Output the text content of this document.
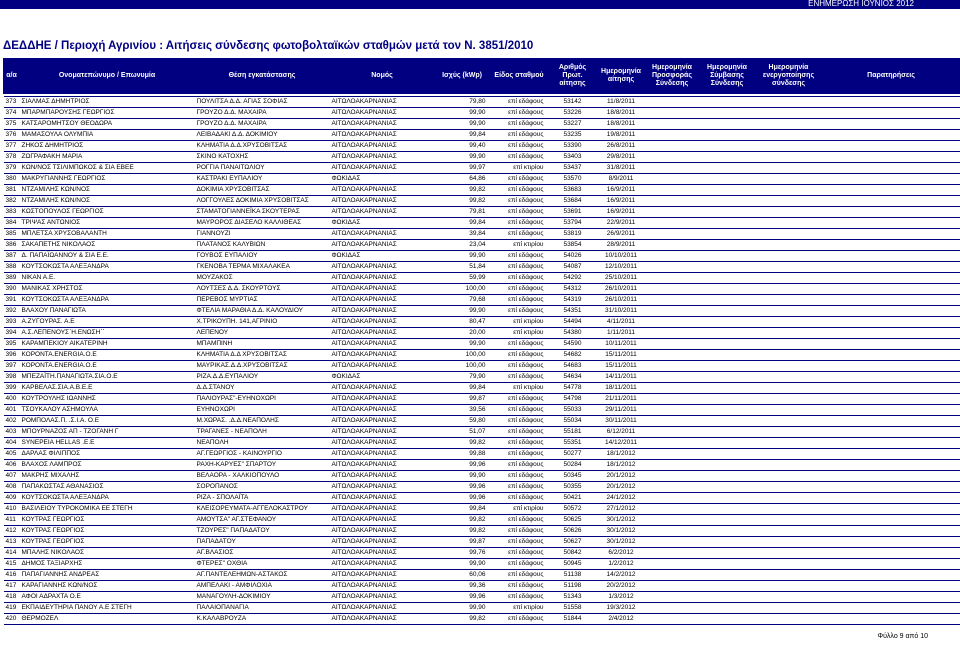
ΕΝΗΜΕΡΩΣΗ ΙΟΥΝΙΟΣ 2012
ΔΕΔΔΗΕ / Περιοχή Αγρινίου : Αιτήσεις σύνδεσης φωτοβολταϊκών σταθμών μετά τον Ν. 3851/2010
α/α	Ονοματεπώνυμο / Επωνυμία	Θέση εγκατάστασης	Νομός	Ισχύς (kWp)	Είδος σταθμού	Αριθμός Πρωτ. αίτησης	Ημερομηνία αίτησης	Ημερομηνία Προσφοράς Σύνδεσης	Ημερομηνία Σύμβασης Σύνδεσης	Ημερομηνία ενεργοποίησης σύνδεσης	Παρατηρήσεις

373	ΣΙΑΛΜΑΣ ΔΗΜΗΤΡΙΟΣ	ΠΟΥΛΙΤΣΑ Δ.Δ. ΑΓΙΑΣ ΣΟΦΙΑΣ	ΑΙΤΩΛΟΑΚΑΡΝΑΝΙΑΣ	79,80	επί εδάφους	53142	11/8/2011				
374	ΜΠΑΡΜΠΑΡΟΥΣΗΣ ΓΕΩΡΓΙΟΣ	ΓΡΟΥΖΟ Δ.Δ. ΜΑΧΑΙΡΑ	ΑΙΤΩΛΟΑΚΑΡΝΑΝΙΑΣ	99,90	επί εδάφους	53226	18/8/2011				
375	ΚΑΤΣΑΡΟΜΗΤΣΟΥ ΘΕΟΔΩΡΑ	ΓΡΟΥΖΟ Δ.Δ. ΜΑΧΑΙΡΑ	ΑΙΤΩΛΟΑΚΑΡΝΑΝΙΑΣ	99,90	επί εδάφους	53227	18/8/2011				
376	ΜΑΜΑΣΟΥΛΑ ΟΛΥΜΠΙΑ	ΛΕΙΒΑΔΑΚΙ Δ.Δ. ΔΟΚΙΜΙΟΥ	ΑΙΤΩΛΟΑΚΑΡΝΑΝΙΑΣ	99,84	επί εδάφους	53235	19/8/2011				
377	ΖΗΚΟΣ ΔΗΜΗΤΡΙΟΣ	ΚΛΗΜΑΤΙΑ Δ.Δ.ΧΡΥΣΟΒΙΤΣΑΣ	ΑΙΤΩΛΟΑΚΑΡΝΑΝΙΑΣ	99,40	επί εδάφους	53390	26/8/2011				
378	ΖΩΓΡΑΦΑΚΗ ΜΑΡΙΑ	ΣΚΙΝΟ ΚΑΤΟΧΗΣ	ΑΙΤΩΛΟΑΚΑΡΝΑΝΙΑΣ	99,90	επί εδάφους	53403	29/8/2011				
379	ΚΩΝ/ΝΟΣ ΤΣΙΛΙΜΠΩΚΟΣ & ΣΙΑ ΕΒΕΕ	ΡΟΓΓΙΑ ΠΑΝΑΙΤΩΛΙΟΥ	ΑΙΤΩΛΟΑΚΑΡΝΑΝΙΑΣ	99,97	επί κτιρίου	53437	31/8/2011				
380	ΜΑΚΡΥΓΙΑΝΝΗΣ ΓΕΩΡΓΙΟΣ	ΚΑΣΤΡΑΚΙ ΕΥΠΑΛΙΟΥ	ΦΩΚΙΔΑΣ	64,86	επί εδάφους	53570	8/9/2011				
381	ΝΤΖΑΜΙΛΗΣ ΚΩΝ/ΝΟΣ	ΔΟΚΙΜΙΑ ΧΡΥΣΟΒΙΤΣΑΣ	ΑΙΤΩΛΟΑΚΑΡΝΑΝΙΑΣ	99,82	επί εδάφους	53683	16/9/2011				
382	ΝΤΖΑΜΙΛΗΣ ΚΩΝ/ΝΟΣ	ΛΟΓΓΟΥΛΕΣ ΔΟΚΙΜΙΑ ΧΡΥΣΟΒΙΤΣΑΣ	ΑΙΤΩΛΟΑΚΑΡΝΑΝΙΑΣ	99,82	επί εδάφους	53684	16/9/2011				
383	ΚΩΣΤΟΠΟΥΛΟΣ ΓΕΩΡΓΙΟΣ	ΣΤΑΜΑΤΟΓΙΑΝΝΕΪΚΑ ΣΚΟΥΤΕΡΑΣ	ΑΙΤΩΛΟΑΚΑΡΝΑΝΙΑΣ	79,81	επί εδάφους	53691	16/9/2011				
384	ΤΡΙΨΑΣ ΑΝΤΩΝΙΟΣ	ΜΑΥΡΟΡΟΣ ΔΙΑΣΕΛΟ ΚΑΛΛΙΘΕΑΣ	ΦΩΚΙΔΑΣ	99,84	επί εδάφους	53794	22/9/2011				
385	ΜΠΛΕΤΣΑ ΧΡΥΣΟΒΑΛΑΝΤΗ	ΓΙΑΝΝΟΥΖΙ	ΑΙΤΩΛΟΑΚΑΡΝΑΝΙΑΣ	39,84	επί εδάφους	53819	26/9/2011				
386	ΣΑΚΑΠΕΤΗΣ ΝΙΚΟΛΑΟΣ	ΠΛΑΤΑΝΟΣ ΚΑΛΥΒΙΩΝ	ΑΙΤΩΛΟΑΚΑΡΝΑΝΙΑΣ	23,04	επί κτιρίου	53854	28/9/2011				
387	Δ. ΠΑΠΑΪΩΑΝΝΟΥ & ΣΙΑ Ε.Ε.	ΓΟΥΒΟΣ ΕΥΠΑΛΙΟΥ	ΦΩΚΙΔΑΣ	99,90	επί εδάφους	54026	10/10/2011				
388	ΚΟΥΤΣΟΚΩΣΤΑ ΑΛΕΞΑΝΔΡΑ	ΓΚΕΝΟΒΑ ΤΕΡΜΑ ΜΙΧΑΛΑΚΕΑ	ΑΙΤΩΛΟΑΚΑΡΝΑΝΙΑΣ	51,84	επί εδάφους	54087	12/10/2011				
389	ΝΙΚΑΝ Α.Ε.	ΜΟΥΖΑΚΟΣ	ΑΙΤΩΛΟΑΚΑΡΝΑΝΙΑΣ	59,99	επί εδάφους	54292	25/10/2011				
390	ΜΑΝΙΚΑΣ ΧΡΗΣΤΟΣ	ΛΟΥΤΣΕΣ Δ.Δ. ΣΚΟΥΡΤΟΥΣ	ΑΙΤΩΛΟΑΚΑΡΝΑΝΙΑΣ	100,00	επί εδάφους	54312	26/10/2011				
391	ΚΟΥΤΣΟΚΩΣΤΑ ΑΛΕΞΑΝΔΡΑ	ΠΕΡΕΒΟΣ ΜΥΡΤΙΑΣ	ΑΙΤΩΛΟΑΚΑΡΝΑΝΙΑΣ	79,68	επί εδάφους	54319	26/10/2011				
392	ΒΛΑΧΟΥ ΠΑΝΑΓΙΩΤΑ	ΦΤΕΛΙΑ ΜΑΡΑΘΙΑ Δ.Δ. ΚΑΛΟΥΔΙΟΥ	ΑΙΤΩΛΟΑΚΑΡΝΑΝΙΑΣ	99,90	επί εδάφους	54351	31/10/2011				
393	Α.ΖΥΓΟΥΡΑΣ. Α.Ε	Χ.ΤΡΙΚΟΥΠΗ. 141,ΑΓΡΙΝΙΟ	ΑΙΤΩΛΟΑΚΑΡΝΑΝΙΑΣ	80,47	επί κτιρίου	54494	4/11/2011				
394	Α.Σ.ΛΕΠΕΝΟΥΣ΄Η.ΕΝΩΣΗ΄΄	ΛΕΠΕΝΟΥ	ΑΙΤΩΛΟΑΚΑΡΝΑΝΙΑΣ	20,00	επί κτιρίου	54380	1/11/2011				
395	ΚΑΡΑΜΠΕΚΙΟΥ ΑΙΚΑΤΕΡΙΝΗ	ΜΠΑΜΠΙΝΗ	ΑΙΤΩΛΟΑΚΑΡΝΑΝΙΑΣ	99,90	επί εδάφους	54590	10/11/2011				
396	ΚΟΡΟΝΤΑ.ENERGIA.Ο.Ε	ΚΛΗΜΑΤΙΑ Δ.Δ ΧΡΥΣΟΒΙΤΣΑΣ	ΑΙΤΩΛΟΑΚΑΡΝΑΝΙΑΣ	100,00	επί εδάφους	54682	15/11/2011				
397	ΚΟΡΟΝΤΑ.ENERGIA.Ο.Ε	ΜΑΥΡΙΚΑΣ.Δ.Δ.ΧΡΥΣΟΒΙΤΣΑΣ	ΑΙΤΩΛΟΑΚΑΡΝΑΝΙΑΣ	100,00	επί εδάφους	54683	15/11/2011				
398	ΜΠΕΖΑΪΤΗ.ΠΑΝΑΓΙΩΤΑ.ΣΙΑ.Ο.Ε	ΡΙΖΑ.Δ.Δ.ΕΥΠΑΛΙΟΥ	ΦΩΚΙΔΑΣ	79,90	επί εδάφους	54634	14/11/2011				
399	ΚΑΡΒΕΛΑΣ.ΣΙΑ.Α.Β.Ε.Ε	Δ.Δ.ΣΤΑΝΟΥ	ΑΙΤΩΛΟΑΚΑΡΝΑΝΙΑΣ	99,84	επί κτιρίου	54778	18/11/2011				
400	ΚΟΥΤΡΟΥΛΗΣ ΙΩΑΝΝΗΣ	ΠΑΛΙΟΥΡΑΣ"-ΕΥΗΝΟΧΩΡΙ	ΑΙΤΩΛΟΑΚΑΡΝΑΝΙΑΣ	99,87	επί εδάφους	54798	21/11/2011				
401	ΤΣΟΥΚΑΛΟΥ ΑΣΗΜΟΥΛΑ	ΕΥΗΝΟΧΩΡΙ	ΑΙΤΩΛΟΑΚΑΡΝΑΝΙΑΣ	39,56	επί εδάφους	55033	29/11/2011				
402	ΡΟΜΠΟΛΑΣ.Π. .Σ.Ι.Α. Ο.Ε	Μ.ΧΩΡΑΣ. .Δ.Δ.ΝΕΑΠΟΛΗΣ	ΑΙΤΩΛΟΑΚΑΡΝΑΝΙΑΣ	59,80	επί εδάφους	55034	30/11/2011				
403	ΜΠΟΥΡΝΑΖΟΣ ΑΠ - ΤΖΟΓΑΝΗ Γ	ΤΡΑΓΑΝΕΣ - ΝΕΑΠΟΛΗ	ΑΙΤΩΛΟΑΚΑΡΝΑΝΙΑΣ	51,07	επί εδάφους	55181	6/12/2011				
404	SYNEPEIA HELLAS .Ε.Ε	ΝΕΑΠΟΛΗ	ΑΙΤΩΛΟΑΚΑΡΝΑΝΙΑΣ	99,82	επί εδάφους	55351	14/12/2011				
405	ΔΑΡΛΑΣ ΦΙΛΙΠΠΟΣ	ΑΓ.ΓΕΩΡΓΙΟΣ - ΚΑΙΝΟΥΡΓΙΟ	ΑΙΤΩΛΟΑΚΑΡΝΑΝΙΑΣ	99,88	επί εδάφους	50277	18/1/2012				
406	ΒΛΑΧΟΣ ΛΑΜΠΡΟΣ	ΡΑΧΗ-ΚΑΡΥΕΣ" ΣΠΑΡΤΟΥ	ΑΙΤΩΛΟΑΚΑΡΝΑΝΙΑΣ	99,96	επί εδάφους	50284	18/1/2012				
407	ΜΑΚΡΗΣ ΜΙΧΑΛΗΣ	ΒΕΛΑΟΡΑ - ΧΑΛΚΙΟΠΟΥΛΟ	ΑΙΤΩΛΟΑΚΑΡΝΑΝΙΑΣ	99,90	επί εδάφους	50345	20/1/2012				
408	ΠΑΠΑΚΩΣΤΑΣ ΑΘΑΝΑΣΙΟΣ	ΣΟΡΟΠΑΝΟΣ	ΑΙΤΩΛΟΑΚΑΡΝΑΝΙΑΣ	99,96	επί εδάφους	50355	20/1/2012				
409	ΚΟΥΤΣΟΚΩΣΤΑ ΑΛΕΞΑΝΔΡΑ	ΡΙΖΑ - ΣΠΟΛΑΪΤΑ	ΑΙΤΩΛΟΑΚΑΡΝΑΝΙΑΣ	99,96	επί εδάφους	50421	24/1/2012				
410	ΒΑΣΙΛΕΙΟΥ ΤΥΡΟΚΟΜΙΚΑ ΕΕ ΣΤΕΓΗ	ΚΛΕΙΣΟΡΕΥΜΑΤΑ-ΑΓΓΕΛΟΚΑΣΤΡΟΥ	ΑΙΤΩΛΟΑΚΑΡΝΑΝΙΑΣ	99,84	επί κτιρίου	50572	27/1/2012				
411	ΚΟΥΤΡΑΣ ΓΕΩΡΓΙΟΣ	ΑΜΟΥΤΣΑ" ΑΓ.ΣΤΕΦΑΝΟΥ	ΑΙΤΩΛΟΑΚΑΡΝΑΝΙΑΣ	99,82	επί εδάφους	50625	30/1/2012				
412	ΚΟΥΤΡΑΣ ΓΕΩΡΓΙΟΣ	ΤΖΟΥΡΕΣ" ΠΑΠΑΔΑΤΟΥ	ΑΙΤΩΛΟΑΚΑΡΝΑΝΙΑΣ	99,82	επί εδάφους	50626	30/1/2012				
413	ΚΟΥΤΡΑΣ ΓΕΩΡΓΙΟΣ	ΠΑΠΑΔΑΤΟΥ	ΑΙΤΩΛΟΑΚΑΡΝΑΝΙΑΣ	99,87	επί εδάφους	50627	30/1/2012				
414	ΜΠΑΛΗΣ ΝΙΚΟΛΑΟΣ	ΑΓ.ΒΛΑΣΙΟΣ	ΑΙΤΩΛΟΑΚΑΡΝΑΝΙΑΣ	99,76	επί εδάφους	50842	6/2/2012				
415	ΔΗΜΟΣ ΤΑΞΙΑΡΧΗΣ	ΦΤΕΡΕΣ" ΟΧΘΙΑ	ΑΙΤΩΛΟΑΚΑΡΝΑΝΙΑΣ	99,90	επί εδάφους	50945	1/2/2012				
416	ΠΑΠΑΓΙΑΝΝΗΣ ΑΝΔΡΕΑΣ	ΑΓ.ΠΑΝΤΕΛΕΗΜΩΝ-ΑΣΤΑΚΟΣ	ΑΙΤΩΛΟΑΚΑΡΝΑΝΙΑΣ	60,06	επί εδάφους	51138	14/2/2012				
417	ΚΑΡΑΓΙΑΝΝΗΣ ΚΩΝ/ΝΟΣ	ΑΜΠΕΛΑΚΙ - ΑΜΦΙΛΟΧΙΑ	ΑΙΤΩΛΟΑΚΑΡΝΑΝΙΑΣ	99,36	επί εδάφους	51198	20/2/2012				
418	ΑΦΟΙ ΑΔΡΑΧΤΑ Ο.Ε	ΜΑΝΑΓΟΥΛΗ-ΔΟΚΙΜΙΟΥ	ΑΙΤΩΛΟΑΚΑΡΝΑΝΙΑΣ	99,96	επί εδάφους	51343	1/3/2012				
419	ΕΚΠΑΙΔΕΥΤΗΡΙΑ ΠΑΝΟΥ Α.Ε ΣΤΕΓΗ	ΠΑΛΑΙΟΠΑΝΑΓΙΑ	ΑΙΤΩΛΟΑΚΑΡΝΑΝΙΑΣ	99,90	επί κτιρίου	51558	19/3/2012				
420	ΘΕΡΜΟΖΕΛ	Κ.ΚΑΛΑΒΡΟΥΖΑ	ΑΙΤΩΛΟΑΚΑΡΝΑΝΙΑΣ	99,82	επί εδάφους	51844	2/4/2012				
Φύλλο 9 από 10
